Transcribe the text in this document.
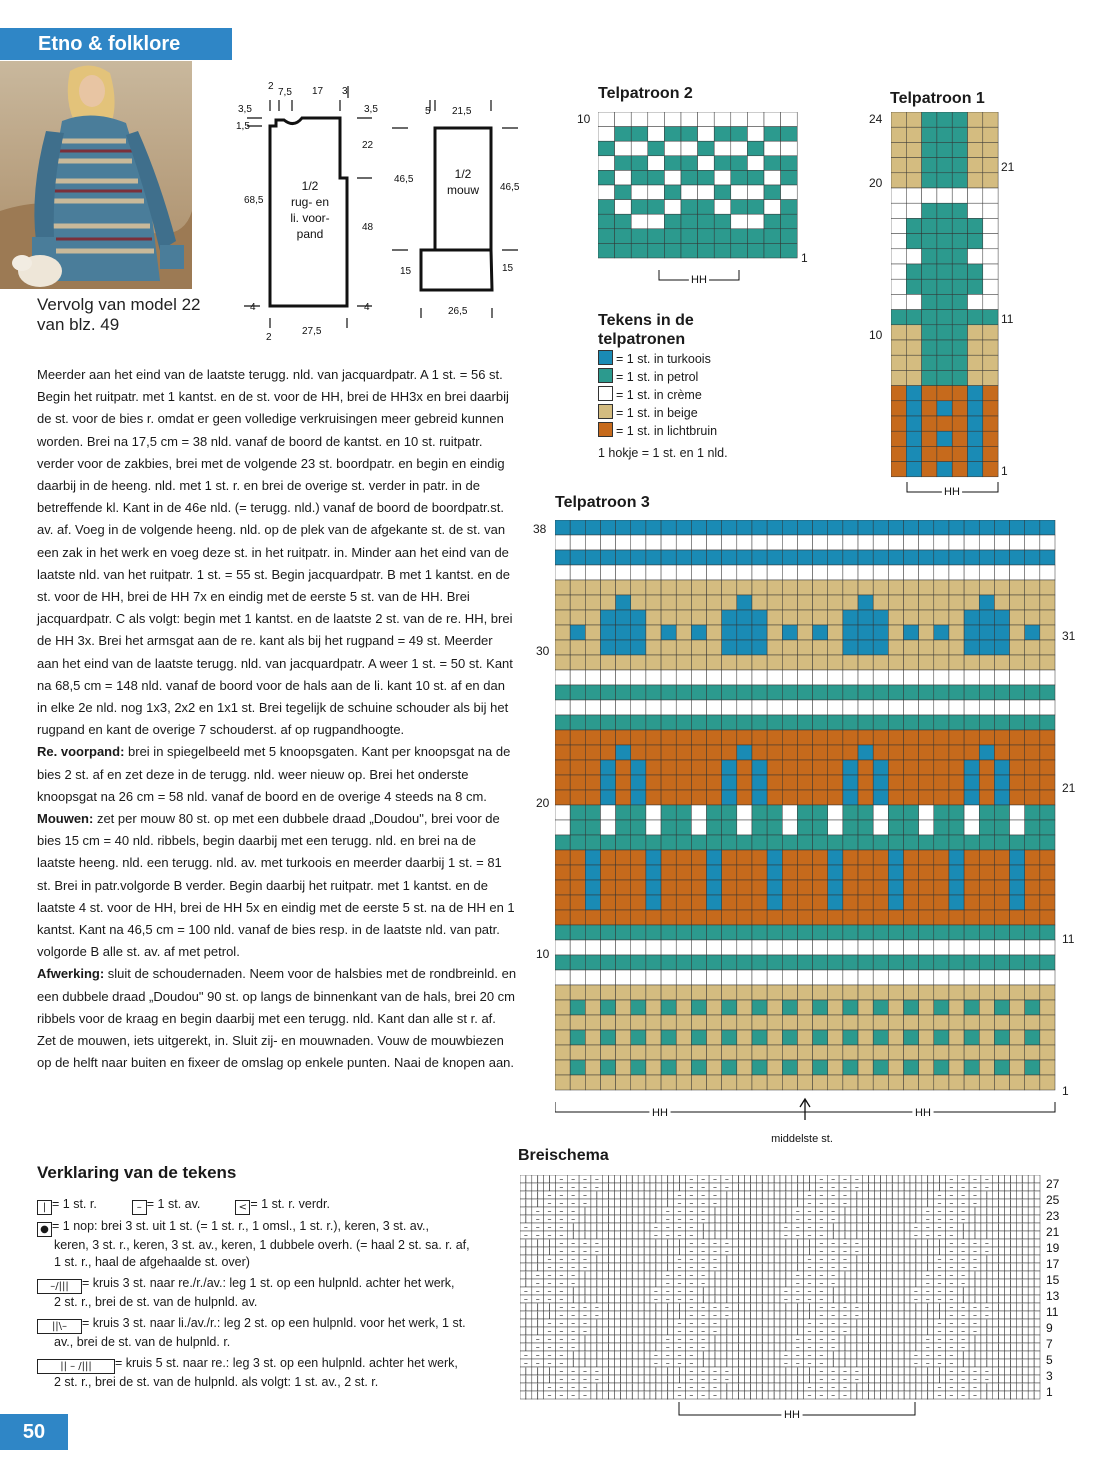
Etno & folklore
Vervolg van model 22
van blz. 49
2
7,5 17 3
3,5
1,5
3,5
22
68,5
48
4	4
2
27,5
5 21,5
46,5
46,5
15	15
26,5
1/2
rug- en
li. voor-
pand
1/2
mouw

Meerder aan het eind van de laatste terugg. nld. van jacquardpatr. A 1 st. = 56 st. Begin het ruitpatr. met 1 kantst. en de st. voor de HH, brei de HH3x en brei daarbij de st. voor de bies r. omdat er geen volledige verkruisingen meer gebreid kunnen worden. Brei na 17,5 cm = 38 nld. vanaf de boord de kantst. en 10 st. ruitpatr. verder voor de zakbies, brei met de volgende 23 st. boordpatr. en begin en eindig daarbij in de heeng. nld. met 1 st. r. en brei de overige st. verder in patr. in de betreffende kl. Kant in de 46e nld. (= terugg. nld.) vanaf de boord de boordpatr.st. av. af. Voeg in de volgende heeng. nld. op de plek van de afgekante st. de st. van een zak in het werk en voeg deze st. in het ruitpatr. in. Minder aan het eind van de laatste nld. van het ruitpatr. 1 st. = 55 st. Begin jacquardpatr. B met 1 kantst. en de st. voor de HH, brei de HH 7x en eindig met de eerste 5 st. van de HH. Brei jacquardpatr. C als volgt: begin met 1 kantst. en de laatste 2 st. van de re. HH, brei de HH 3x. Brei het armsgat aan de re. kant als bij het rugpand = 49 st. Meerder aan het eind van de laatste terugg. nld. van jacquardpatr. A weer 1 st. = 50 st. Kant na 68,5 cm = 148 nld. vanaf de boord voor de hals aan de li. kant 10 st. af en dan in elke 2e nld. nog 1x3, 2x2 en 1x1 st. Brei tegelijk de schuine schouder als bij het rugpand en kant de overige 7 schouderst. af op rugpandhoogte.

Re. voorpand: brei in spiegelbeeld met 5 knoopsgaten. Kant per knoopsgat na de bies 2 st. af en zet deze in de terugg. nld. weer nieuw op. Brei het onderste knoopsgat na 26 cm = 58 nld. vanaf de boord en de overige 4 steeds na 8 cm.

Mouwen: zet per mouw 80 st. op met een dubbele draad „Doudou", brei voor de bies 15 cm = 40 nld. ribbels, begin daarbij met een terugg. nld. en brei na de laatste heeng. nld. een terugg. nld. av. met turkoois en meerder daarbij 1 st. = 81 st. Brei in patr.volgorde B verder. Begin daarbij het ruitpatr. met 1 kantst. en de laatste 4 st. voor de HH, brei de HH 5x en eindig met de eerste 5 st. na de HH en 1 kantst. Kant na 46,5 cm = 100 nld. vanaf de bies resp. in de laatste nld. van patr. volgorde B alle st. av. af met petrol.

Afwerking: sluit de schoudernaden. Neem voor de halsbies met de rondbreinld. en een dubbele draad „Doudou" 90 st. op langs de binnenkant van de hals, brei 20 cm ribbels voor de kraag en begin daarbij met een terugg. nld. Kant dan alle st r. af. Zet de mouwen, iets uitgerekt, in. Sluit zij- en mouwnaden. Vouw de mouwbiezen op de helft naar buiten en fixeer de omslag op enkele punten. Naai de knopen aan.

Telpatroon 2
10
1
HH
Tekens in de
telpatronen
= 1 st. in turkoois
= 1 st. in petrol
= 1 st. in crème
= 1 st. in beige
= 1 st. in lichtbruin
1 hokje = 1 st. en 1 nld.
Telpatroon 1
24
21
20
11
10
1
HH
Telpatroon 3
38
31
30
21
20
11
10
1
HH	HH
middelste st.
Breischema
| | | – – – – | | | | | | | – – – – | | | | | | | – – – – | | | | | | | – – – – | | | |
| | | – – – – | | | | | | | – – – – | | | | | | | – – – – | | | | | | | – – – – | | | |
| | – – – – | | | | | | | – – – – | | | | | | | – – – – | | | | | | | – – – – | | | | |
| | – – – – | | | | | | | – – – – | | | | | | | – – – – | | | | | | | – – – – | | | | |
| – – – – | | | | | | | – – – – | | | | | | | – – – – | | | | | | | – – – – | | | | | |
| – – – – | | | | | | | – – – – | | | | | | | – – – – | | | | | | | – – – – | | | | | |
– – – – | | | | | | | – – – – | | | | | | | – – – – | | | | | | | – – – – | | | | | | |
– – – – | | | | | | | – – – – | | | | | | | – – – – | | | | | | | – – – – | | | | | | |
| | | – – – – | | | | | | | – – – – | | | | | | | – – – – | | | | | | | – – – – | | | |
| | | – – – – | | | | | | | – – – – | | | | | | | – – – – | | | | | | | – – – – | | | |
| | – – – – | | | | | | | – – – – | | | | | | | – – – – | | | | | | | – – – – | | | | |
| | – – – – | | | | | | | – – – – | | | | | | | – – – – | | | | | | | – – – – | | | | |
| – – – – | | | | | | | – – – – | | | | | | | – – – – | | | | | | | – – – – | | | | | |
| – – – – | | | | | | | – – – – | | | | | | | – – – – | | | | | | | – – – – | | | | | |
– – – – | | | | | | | – – – – | | | | | | | – – – – | | | | | | | – – – – | | | | | | |
– – – – | | | | | | | – – – – | | | | | | | – – – – | | | | | | | – – – – | | | | | | |
| | | – – – – | | | | | | | – – – – | | | | | | | – – – – | | | | | | | – – – – | | | |
| | | – – – – | | | | | | | – – – – | | | | | | | – – – – | | | | | | | – – – – | | | |
| | – – – – | | | | | | | – – – – | | | | | | | – – – – | | | | | | | – – – – | | | | |
| | – – – – | | | | | | | – – – – | | | | | | | – – – – | | | | | | | – – – – | | | | |
| – – – – | | | | | | | – – – – | | | | | | | – – – – | | | | | | | – – – – | | | | | |
| – – – – | | | | | | | – – – – | | | | | | | – – – – | | | | | | | – – – – | | | | | |
– – – – | | | | | | | – – – – | | | | | | | – – – – | | | | | | | – – – – | | | | | | |
– – – – | | | | | | | – – – – | | | | | | | – – – – | | | | | | | – – – – | | | | | | |
| | | – – – – | | | | | | | – – – – | | | | | | | – – – – | | | | | | | – – – – | | | |
| | | – – – – | | | | | | | – – – – | | | | | | | – – – – | | | | | | | – – – – | | | |
| | – – – – | | | | | | | – – – – | | | | | | | – – – – | | | | | | | – – – – | | | | |
| | – – – – | | | | | | | – – – – | | | | | | | – – – – | | | | | | | – – – – | | | | |
HH
27
25
23
21
19
17
15
13
11
9
7
5
3
1
Verklaring van de tekens
| = 1 st. r.	– = 1 st. av.	< = 1 st. r. verdr.
● = 1 nop: brei 3 st. uit 1 st. (= 1 st. r., 1 omsl., 1 st. r.), keren, 3 st. av.,
keren, 3 st. r., keren, 3 st. av., keren, 1 dubbele overh. (= haal 2 st. sa. r. af,
1 st. r., haal de afgehaalde st. over)
–/||| = kruis 3 st. naar re./r./av.: leg 1 st. op een hulpnld. achter het werk,
2 st. r., brei de st. van de hulpnld. av.
||\– = kruis 3 st. naar li./av./r.: leg 2 st. op een hulpnld. voor het werk, 1 st.
av., brei de st. van de hulpnld. r.
|| – /||| = kruis 5 st. naar re.: leg 3 st. op een hulpnld. achter het werk,
2 st. r., brei de st. van de hulpnld. als volgt: 1 st. av., 2 st. r.
50
